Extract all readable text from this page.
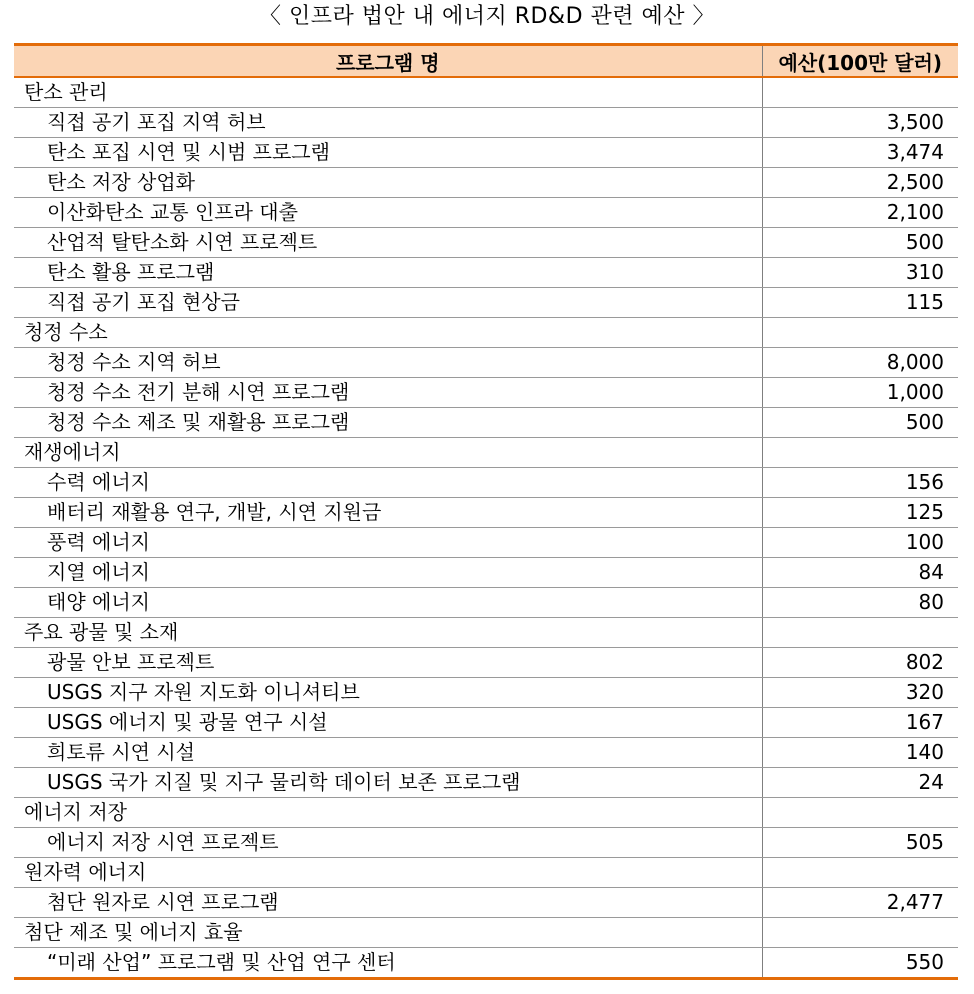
〈 인프라 법안 내 에너지 RD&D 관련 예산 〉
프로그램 명	예산(100만 달러)
탄소 관리	
직접 공기 포집 지역 허브	3,500
탄소 포집 시연 및 시범 프로그램	3,474
탄소 저장 상업화	2,500
이산화탄소 교통 인프라 대출	2,100
산업적 탈탄소화 시연 프로젝트	500
탄소 활용 프로그램	310
직접 공기 포집 현상금	115
청정 수소	
청정 수소 지역 허브	8,000
청정 수소 전기 분해 시연 프로그램	1,000
청정 수소 제조 및 재활용 프로그램	500
재생에너지	
수력 에너지	156
배터리 재활용 연구, 개발, 시연 지원금	125
풍력 에너지	100
지열 에너지	84
태양 에너지	80
주요 광물 및 소재	
광물 안보 프로젝트	802
USGS 지구 자원 지도화 이니셔티브	320
USGS 에너지 및 광물 연구 시설	167
희토류 시연 시설	140
USGS 국가 지질 및 지구 물리학 데이터 보존 프로그램	24
에너지 저장	
에너지 저장 시연 프로젝트	505
원자력 에너지	
첨단 원자로 시연 프로그램	2,477
첨단 제조 및 에너지 효율	
“미래 산업” 프로그램 및 산업 연구 센터	550
